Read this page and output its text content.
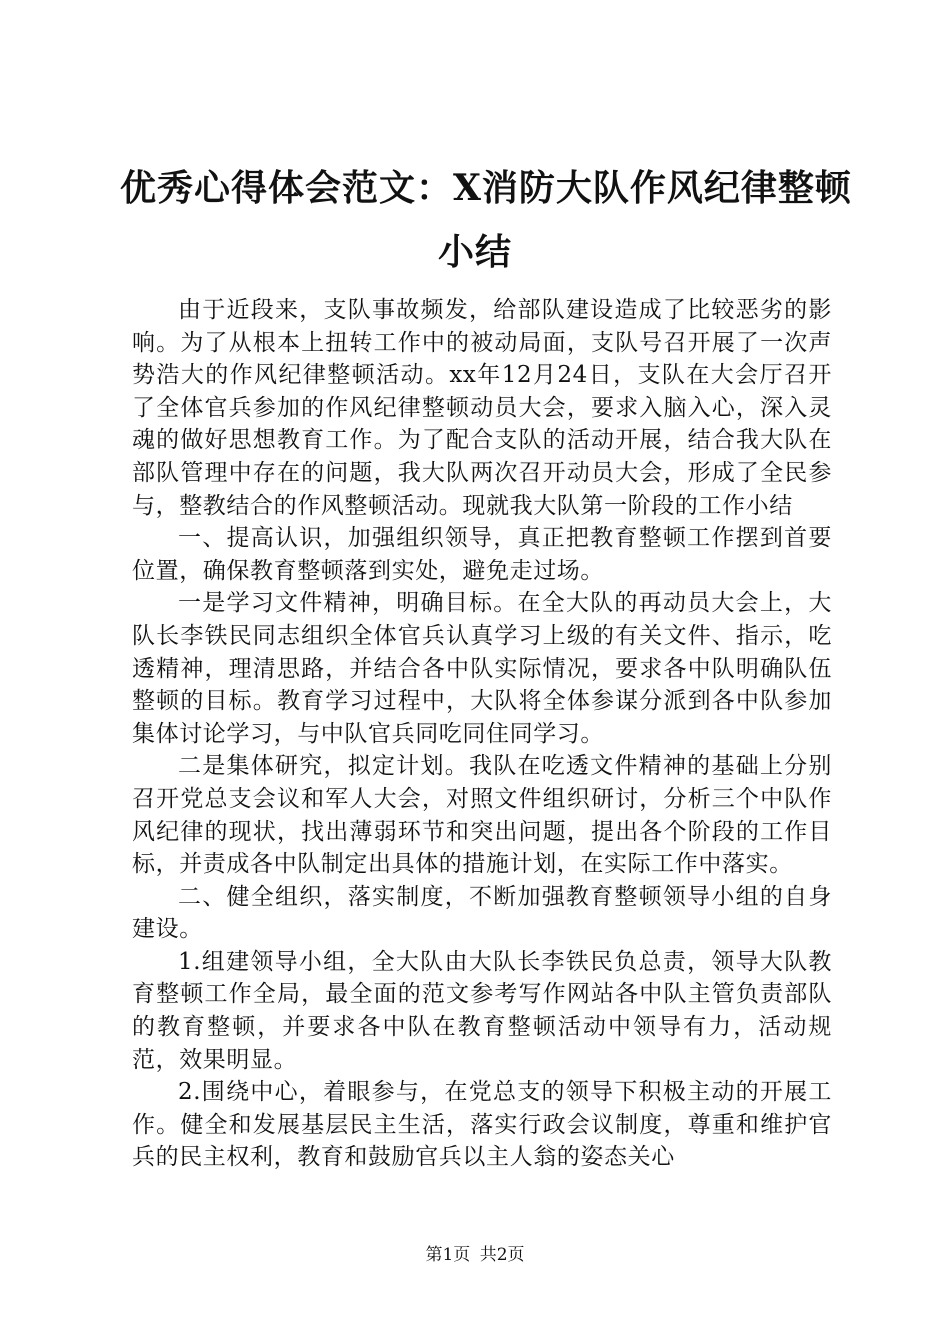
优秀心得体会范文：X消防大队作风纪律整顿
小结

由于近段来，支队事故频发，给部队建设造成了比较恶劣的影响。为了从根本上扭转工作中的被动局面，支队号召开展了一次声势浩大的作风纪律整顿活动。xx年12月24日，支队在大会厅召开了全体官兵参加的作风纪律整顿动员大会，要求入脑入心，深入灵魂的做好思想教育工作。为了配合支队的活动开展，结合我大队在部队管理中存在的问题，我大队两次召开动员大会，形成了全民参与，整教结合的作风整顿活动。现就我大队第一阶段的工作小结

一、提高认识，加强组织领导，真正把教育整顿工作摆到首要位置，确保教育整顿落到实处，避免走过场。

一是学习文件精神，明确目标。在全大队的再动员大会上，大队长李铁民同志组织全体官兵认真学习上级的有关文件、指示，吃透精神，理清思路，并结合各中队实际情况，要求各中队明确队伍整顿的目标。教育学习过程中，大队将全体参谋分派到各中队参加集体讨论学习，与中队官兵同吃同住同学习。

二是集体研究，拟定计划。我队在吃透文件精神的基础上分别召开党总支会议和军人大会，对照文件组织研讨，分析三个中队作风纪律的现状，找出薄弱环节和突出问题，提出各个阶段的工作目标，并责成各中队制定出具体的措施计划，在实际工作中落实。

二、健全组织，落实制度，不断加强教育整顿领导小组的自身建设。

1.组建领导小组，全大队由大队长李铁民负总责，领导大队教育整顿工作全局，最全面的范文参考写作网站各中队主管负责部队的教育整顿，并要求各中队在教育整顿活动中领导有力，活动规范，效果明显。

2.围绕中心，着眼参与，在党总支的领导下积极主动的开展工作。健全和发展基层民主生活，落实行政会议制度，尊重和维护官兵的民主权利，教育和鼓励官兵以主人翁的姿态关心

第1页 共2页
